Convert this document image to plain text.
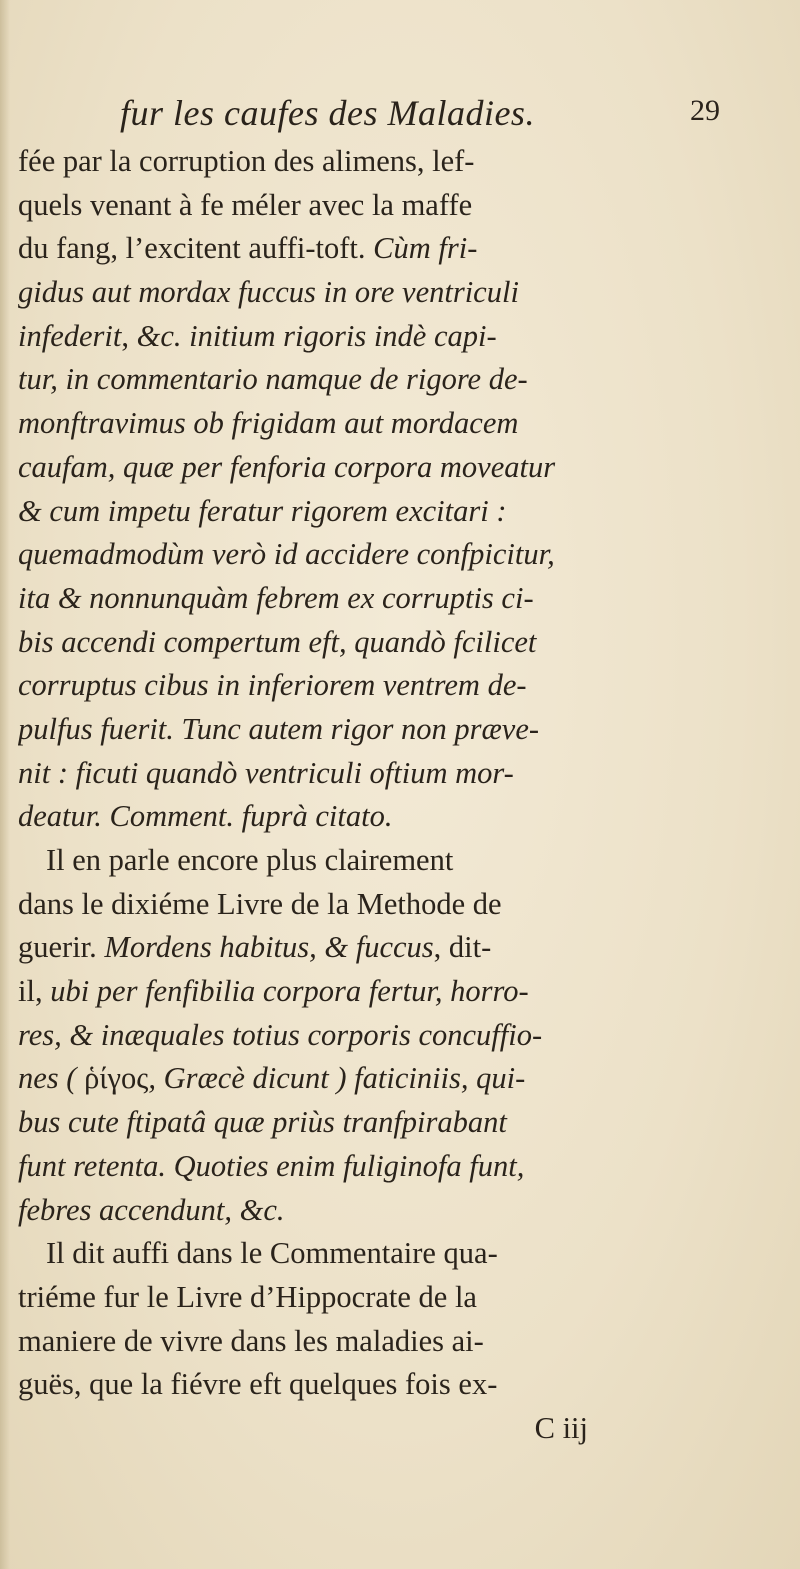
fur les caufes des Maladies.	29
fée par la corruption des alimens, lef-
quels venant à fe méler avec la maffe
du fang, l’excitent auffi-toft. Cùm fri-
gidus aut mordax fuccus in ore ventriculi
infederit, &c. initium rigoris indè capi-
tur, in commentario namque de rigore de-
monftravimus ob frigidam aut mordacem
caufam, quæ per fenforia corpora moveatur
& cum impetu feratur rigorem excitari :
quemadmodùm verò id accidere confpicitur,
ita & nonnunquàm febrem ex corruptis ci-
bis accendi compertum eft, quandò fcilicet
corruptus cibus in inferiorem ventrem de-
pulfus fuerit. Tunc autem rigor non præve-
nit : ficuti quandò ventriculi oftium mor-
deatur. Comment. fuprà citato.
Il en parle encore plus clairement
dans le dixiéme Livre de la Methode de
guerir. Mordens habitus, & fuccus, dit-
il, ubi per fenfibilia corpora fertur, horro-
res, & inæquales totius corporis concuffio-
nes ( ῥίγος, Græcè dicunt ) faticiniis, qui-
bus cute ftipatâ quæ priùs tranfpirabant
funt retenta. Quoties enim fuliginofa funt,
febres accendunt, &c.
Il dit auffi dans le Commentaire qua-
triéme fur le Livre d’Hippocrate de la
maniere de vivre dans les maladies ai-
guës, que la fiévre eft quelques fois ex-
C iij
